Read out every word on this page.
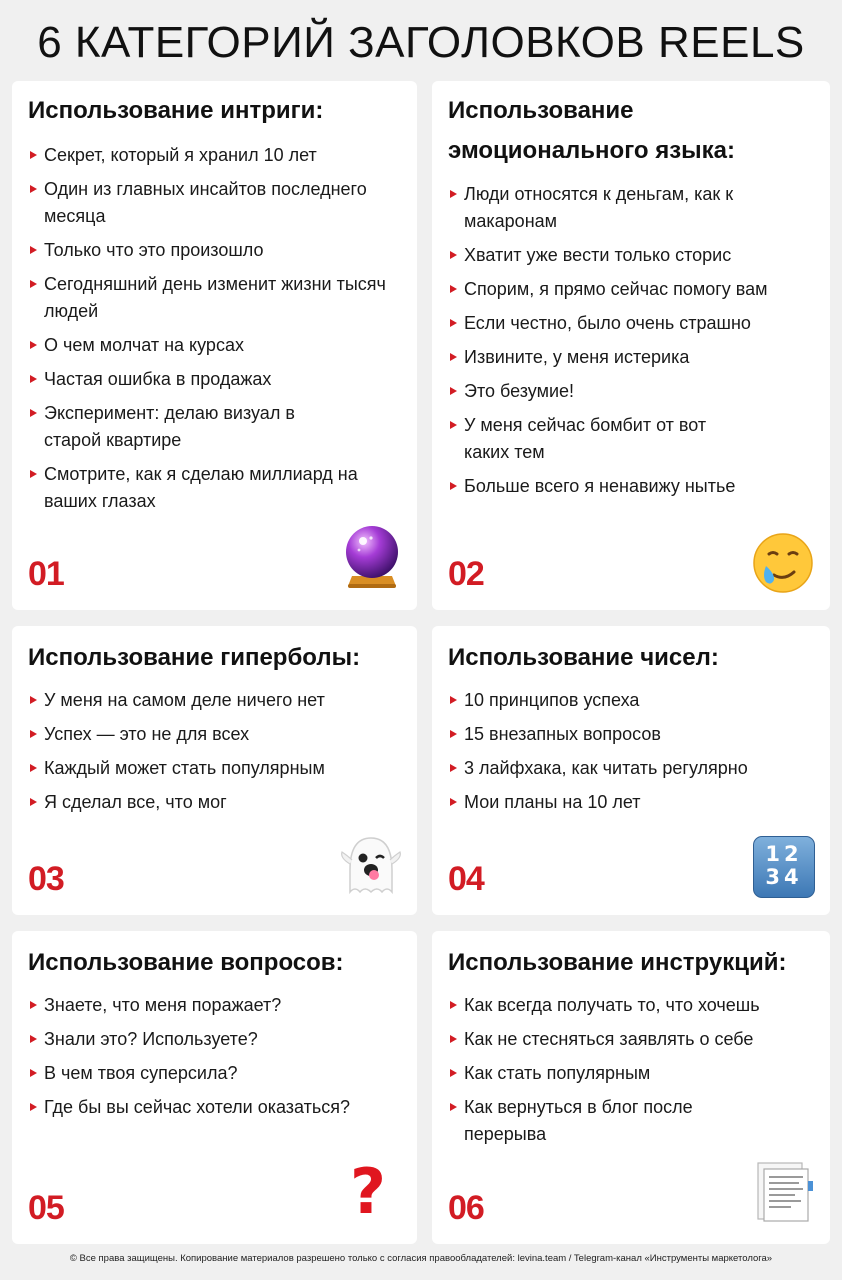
6 КАТЕГОРИЙ ЗАГОЛОВКОВ REELS
Использование интриги:
Секрет, который я хранил 10 лет
Один из главных инсайтов последнего месяца
Только что это произошло
Сегодняшний день изменит жизни тысяч людей
О чем молчат на курсах
Частая ошибка в продажах
Эксперимент: делаю визуал в старой квартире
Смотрите, как я сделаю миллиард на ваших глазах
01
Использование эмоционального языка:
Люди относятся к деньгам, как к макаронам
Хватит уже вести только сторис
Спорим, я прямо сейчас помогу вам
Если честно, было очень страшно
Извините, у меня истерика
Это безумие!
У меня сейчас бомбит от вот каких тем
Больше всего я ненавижу нытье
02
Использование гиперболы:
У меня на самом деле ничего нет
Успех — это не для всех
Каждый может стать популярным
Я сделал все, что мог
03
Использование чисел:
10 принципов успеха
15 внезапных вопросов
3 лайфхака, как читать регулярно
Мои планы на 10 лет
04
12
34
Использование вопросов:
Знаете, что меня поражает?
Знали это? Используете?
В чем твоя суперсила?
Где бы вы сейчас хотели оказаться?
05	?
Использование инструкций:
Как всегда получать то, что хочешь
Как не стесняться заявлять о себе
Как стать популярным
Как вернуться в блог после перерыва
06
© Все права защищены. Копирование материалов разрешено только с согласия правообладателей: levina.team / Telegram-канал «Инструменты маркетолога»
